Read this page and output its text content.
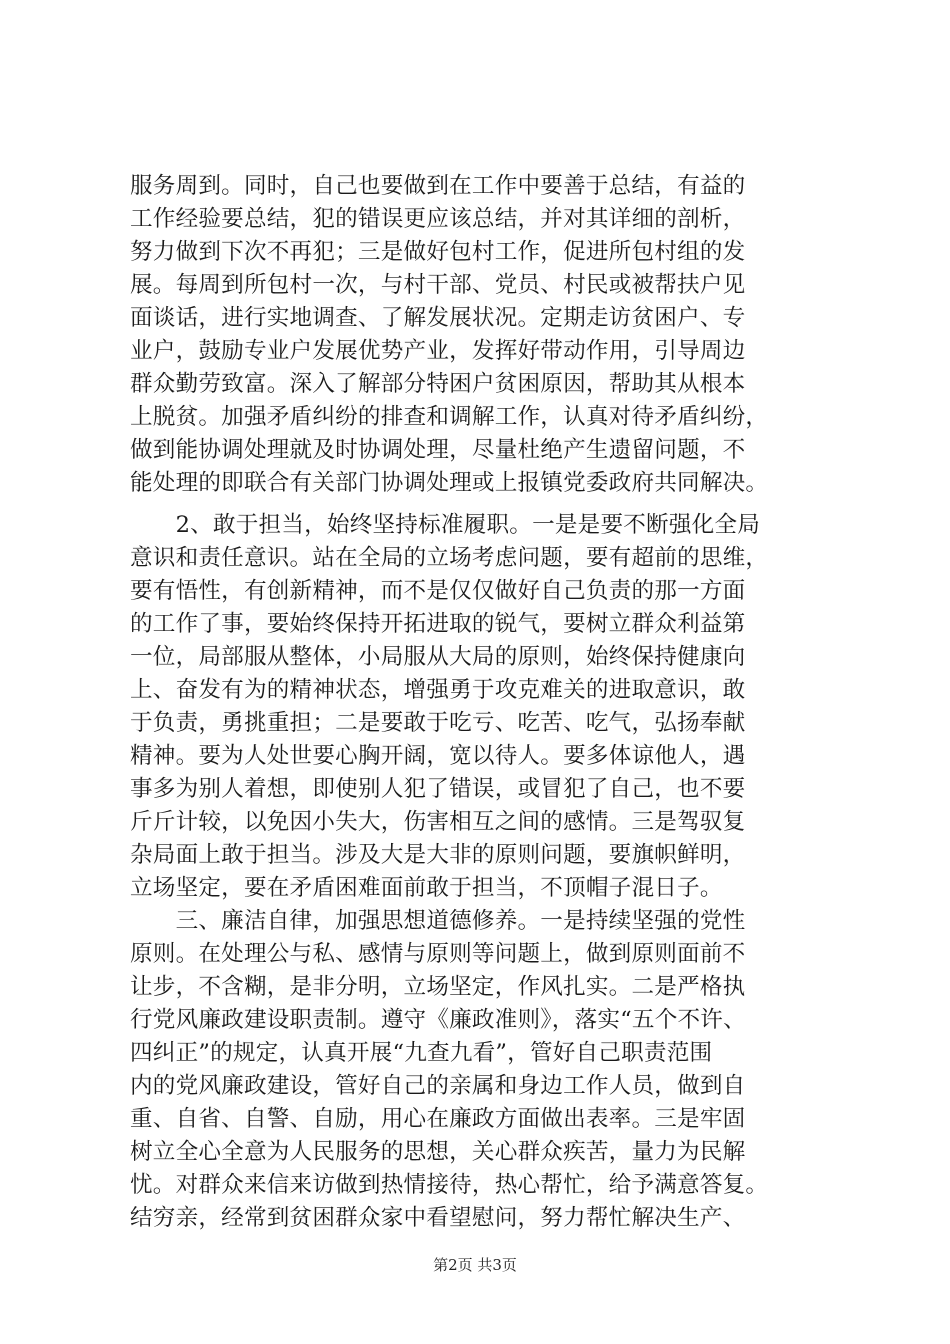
服务周到。同时，自己也要做到在工作中要善于总结，有益的
工作经验要总结，犯的错误更应该总结，并对其详细的剖析，
努力做到下次不再犯；三是做好包村工作，促进所包村组的发
展。每周到所包村一次，与村干部、党员、村民或被帮扶户见
面谈话，进行实地调查、了解发展状况。定期走访贫困户、专
业户，鼓励专业户发展优势产业，发挥好带动作用，引导周边
群众勤劳致富。深入了解部分特困户贫困原因，帮助其从根本
上脱贫。加强矛盾纠纷的排查和调解工作，认真对待矛盾纠纷，
做到能协调处理就及时协调处理，尽量杜绝产生遗留问题，不
能处理的即联合有关部门协调处理或上报镇党委政府共同解决。
　　2、敢于担当，始终坚持标准履职。一是是要不断强化全局
意识和责任意识。站在全局的立场考虑问题，要有超前的思维，
要有悟性，有创新精神，而不是仅仅做好自己负责的那一方面
的工作了事，要始终保持开拓进取的锐气，要树立群众利益第
一位，局部服从整体，小局服从大局的原则，始终保持健康向
上、奋发有为的精神状态，增强勇于攻克难关的进取意识，敢
于负责，勇挑重担；二是要敢于吃亏、吃苦、吃气，弘扬奉献
精神。要为人处世要心胸开阔，宽以待人。要多体谅他人，遇
事多为别人着想，即使别人犯了错误，或冒犯了自己，也不要
斤斤计较，以免因小失大，伤害相互之间的感情。三是驾驭复
杂局面上敢于担当。涉及大是大非的原则问题，要旗帜鲜明，
立场坚定，要在矛盾困难面前敢于担当，不顶帽子混日子。
　　三、廉洁自律，加强思想道德修养。一是持续坚强的党性
原则。在处理公与私、感情与原则等问题上，做到原则面前不
让步，不含糊，是非分明，立场坚定，作风扎实。二是严格执
行党风廉政建设职责制。遵守《廉政准则》，落实“五个不许、
四纠正”的规定，认真开展“九查九看”，管好自己职责范围
内的党风廉政建设，管好自己的亲属和身边工作人员，做到自
重、自省、自警、自励，用心在廉政方面做出表率。三是牢固
树立全心全意为人民服务的思想，关心群众疾苦，量力为民解
忧。对群众来信来访做到热情接待，热心帮忙，给予满意答复。
结穷亲，经常到贫困群众家中看望慰问，努力帮忙解决生产、
第2页 共3页
